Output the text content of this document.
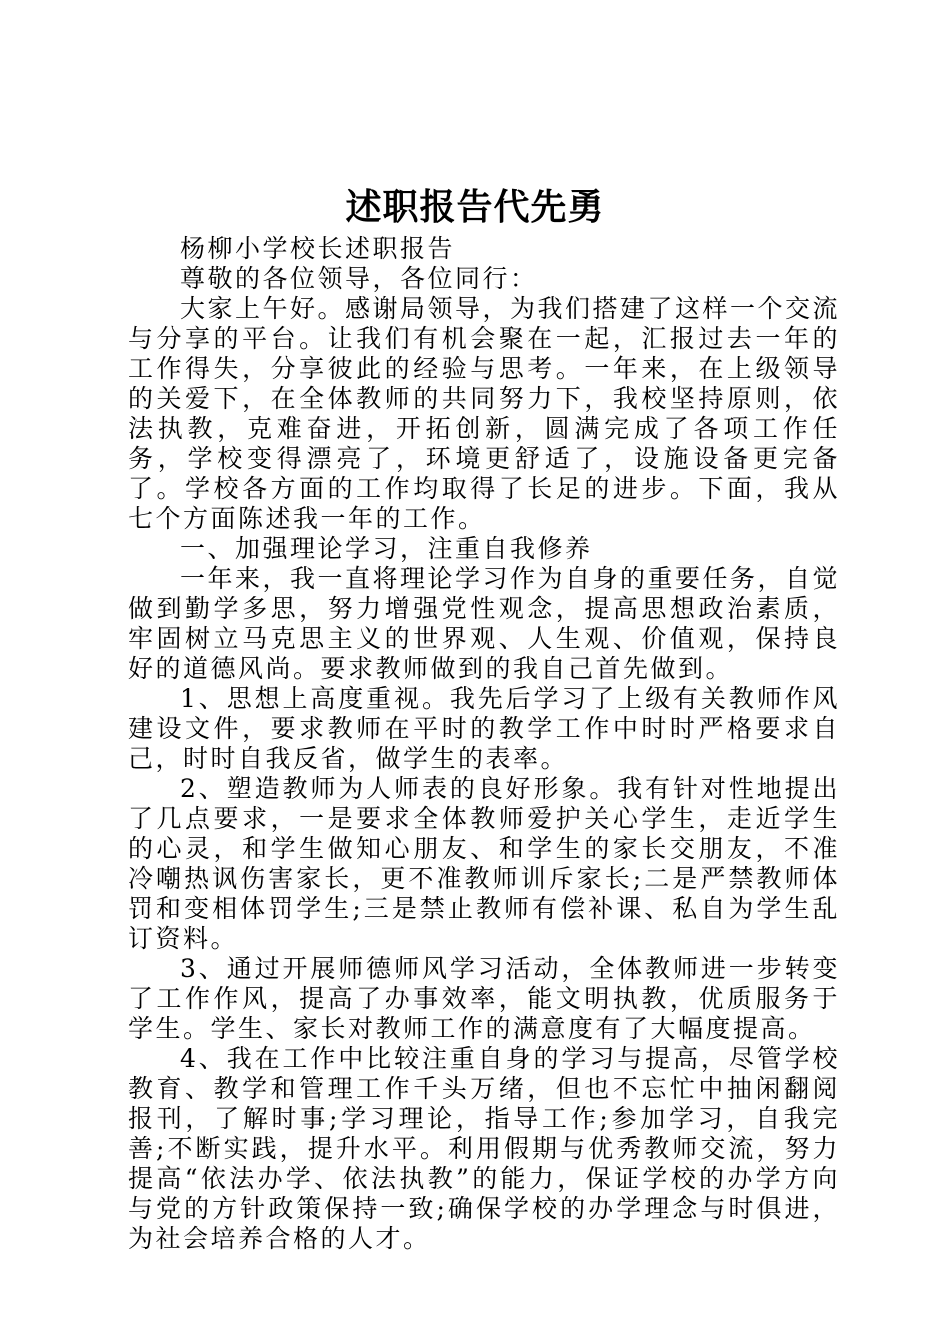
述职报告代先勇

杨柳小学校长述职报告

尊敬的各位领导，各位同行：

大家上午好。感谢局领导，为我们搭建了这样一个交流与分享的平台。让我们有机会聚在一起，汇报过去一年的工作得失，分享彼此的经验与思考。一年来，在上级领导的关爱下，在全体教师的共同努力下，我校坚持原则，依法执教，克难奋进，开拓创新，圆满完成了各项工作任务，学校变得漂亮了，环境更舒适了，设施设备更完备了。学校各方面的工作均取得了长足的进步。下面，我从七个方面陈述我一年的工作。

一、加强理论学习，注重自我修养

一年来，我一直将理论学习作为自身的重要任务，自觉做到勤学多思，努力增强党性观念，提高思想政治素质，牢固树立马克思主义的世界观、人生观、价值观，保持良好的道德风尚。要求教师做到的我自己首先做到。

1、思想上高度重视。我先后学习了上级有关教师作风建设文件，要求教师在平时的教学工作中时时严格要求自己，时时自我反省，做学生的表率。

2、塑造教师为人师表的良好形象。我有针对性地提出了几点要求，一是要求全体教师爱护关心学生，走近学生的心灵，和学生做知心朋友、和学生的家长交朋友，不准冷嘲热讽伤害家长，更不准教师训斥家长;二是严禁教师体罚和变相体罚学生;三是禁止教师有偿补课、私自为学生乱订资料。

3、通过开展师德师风学习活动，全体教师进一步转变了工作作风，提高了办事效率，能文明执教，优质服务于学生。学生、家长对教师工作的满意度有了大幅度提高。

4、我在工作中比较注重自身的学习与提高，尽管学校教育、教学和管理工作千头万绪，但也不忘忙中抽闲翻阅报刊，了解时事;学习理论，指导工作;参加学习，自我完善;不断实践，提升水平。利用假期与优秀教师交流，努力提高“依法办学、依法执教”的能力，保证学校的办学方向与党的方针政策保持一致;确保学校的办学理念与时俱进，为社会培养合格的人才。
